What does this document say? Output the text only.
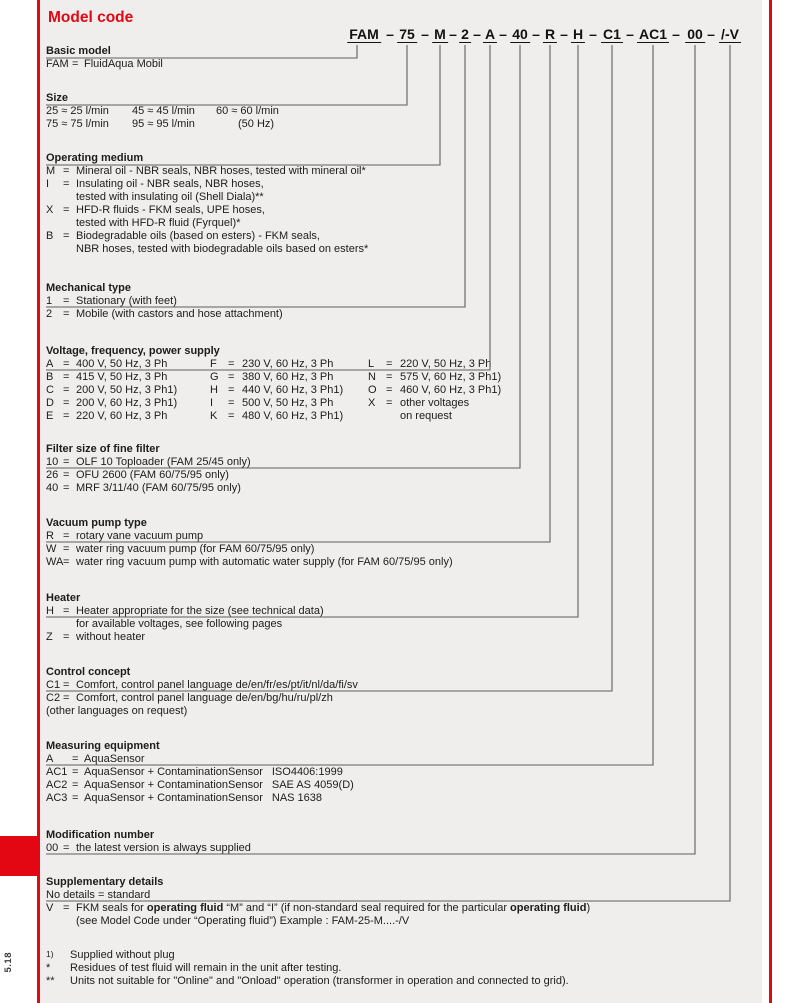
5.18
Model code
FAM – 75 – M – 2 – A – 40 – R – H – C1 – AC1 – 00 – /-V
Basic model
FAM = FluidAqua Mobil
Size
25 ≈ 25 l/min	45 ≈ 45 l/min	60 ≈ 60 l/min
75 ≈ 75 l/min	95 ≈ 95 l/min	(50 Hz)
Operating medium
M = Mineral oil - NBR seals, NBR hoses, tested with mineral oil*
I	= Insulating oil - NBR seals, NBR hoses,
tested with insulating oil (Shell Diala)**
X = HFD-R fluids - FKM seals, UPE hoses,
tested with HFD-R fluid (Fyrquel)*
B = Biodegradable oils (based on esters) - FKM seals,
NBR hoses, tested with biodegradable oils based on esters*
Mechanical type
1 = Stationary (with feet)
2 = Mobile (with castors and hose attachment)
Voltage, frequency, power supply
A = 400 V, 50 Hz, 3 Ph	F	= 230 V, 60 Hz, 3 Ph	L	= 220 V, 50 Hz, 3 Ph
B = 415 V, 50 Hz, 3 Ph	G = 380 V, 60 Hz, 3 Ph	N = 575 V, 60 Hz, 3 Ph1)
C = 200 V, 50 Hz, 3 Ph1)	H = 440 V, 60 Hz, 3 Ph1)	O = 460 V, 60 Hz, 3 Ph1)
D = 200 V, 60 Hz, 3 Ph1)	I	= 500 V, 50 Hz, 3 Ph	X = other voltages
E = 220 V, 60 Hz, 3 Ph	K = 480 V, 60 Hz, 3 Ph1)	on request
Filter size of fine filter
10 = OLF 10 Toploader (FAM 25/45 only)
26 = OFU 2600 (FAM 60/75/95 only)
40 = MRF 3/11/40 (FAM 60/75/95 only)
Vacuum pump type
R = rotary vane vacuum pump
W = water ring vacuum pump (for FAM 60/75/95 only)
WA = water ring vacuum pump with automatic water supply (for FAM 60/75/95 only)
Heater
H = Heater appropriate for the size (see technical data)
for available voltages, see following pages
Z = without heater
Control concept
C1 = Comfort, control panel language de/en/fr/es/pt/it/nl/da/fi/sv
C2 = Comfort, control panel language de/en/bg/hu/ru/pl/zh
(other languages on request)
Measuring equipment
A	= AquaSensor
AC1 = AquaSensor + ContaminationSensor ISO4406:1999
AC2 = AquaSensor + ContaminationSensor SAE AS 4059(D)
AC3 = AquaSensor + ContaminationSensor NAS 1638
Modification number
00 = the latest version is always supplied
Supplementary details
No details = standard
V = FKM seals for operating fluid “M” and “I” (if non-standard seal required for the particular operating fluid)
(see Model Code under “Operating fluid”) Example : FAM-25-M....-/V
1)	Supplied without plug
*	Residues of test fluid will remain in the unit after testing.
**	Units not suitable for "Online" and "Onload" operation (transformer in operation and connected to grid).
